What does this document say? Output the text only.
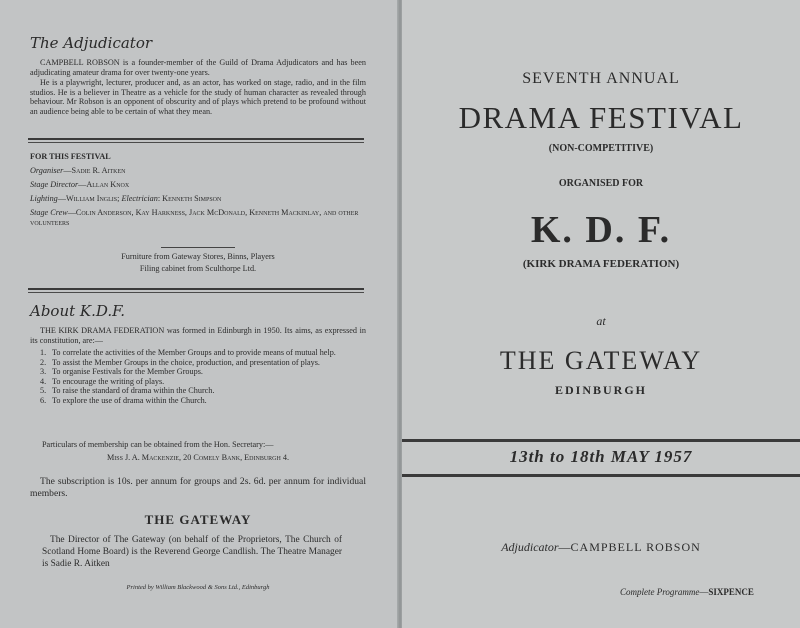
The Adjudicator
CAMPBELL ROBSON is a founder-member of the Guild of Drama Adjudicators and has been adjudicating amateur drama for over twenty-one years.
He is a playwright, lecturer, producer and, as an actor, has worked on stage, radio, and in the film studios. He is a believer in Theatre as a vehicle for the study of human character as revealed through behaviour. Mr Robson is an opponent of obscurity and of plays which pretend to be profound without an audience being able to be certain of what they mean.
FOR THIS FESTIVAL
Organiser—Sadie R. Aitken
Stage Director—Allan Knox
Lighting—William Inglis; Electrician: Kenneth Simpson
Stage Crew—Colin Anderson, Kay Harkness, Jack McDonald, Kenneth Mackinlay, and other volunteers
Furniture from Gateway Stores, Binns, Players
Filing cabinet from Sculthorpe Ltd.
About K.D.F.
THE KIRK DRAMA FEDERATION was formed in Edinburgh in 1950. Its aims, as expressed in its constitution, are:—
1. To correlate the activities of the Member Groups and to provide means of mutual help.
2. To assist the Member Groups in the choice, production, and presentation of plays.
3. To organise Festivals for the Member Groups.
4. To encourage the writing of plays.
5. To raise the standard of drama within the Church.
6. To explore the use of drama within the Church.
Particulars of membership can be obtained from the Hon. Secretary:—
Miss J. A. Mackenzie, 20 Comely Bank, Edinburgh 4.
The subscription is 10s. per annum for groups and 2s. 6d. per annum for individual members.
THE GATEWAY
The Director of The Gateway (on behalf of the Proprietors, The Church of Scotland Home Board) is the Reverend George Candlish. The Theatre Manager is Sadie R. Aitken
Printed by William Blackwood & Sons Ltd., Edinburgh
SEVENTH ANNUAL
DRAMA FESTIVAL
(NON-COMPETITIVE)
ORGANISED FOR
K. D. F.
(KIRK DRAMA FEDERATION)
at
THE GATEWAY
EDINBURGH
13th to 18th MAY 1957
Adjudicator—CAMPBELL ROBSON
Complete Programme—SIXPENCE
